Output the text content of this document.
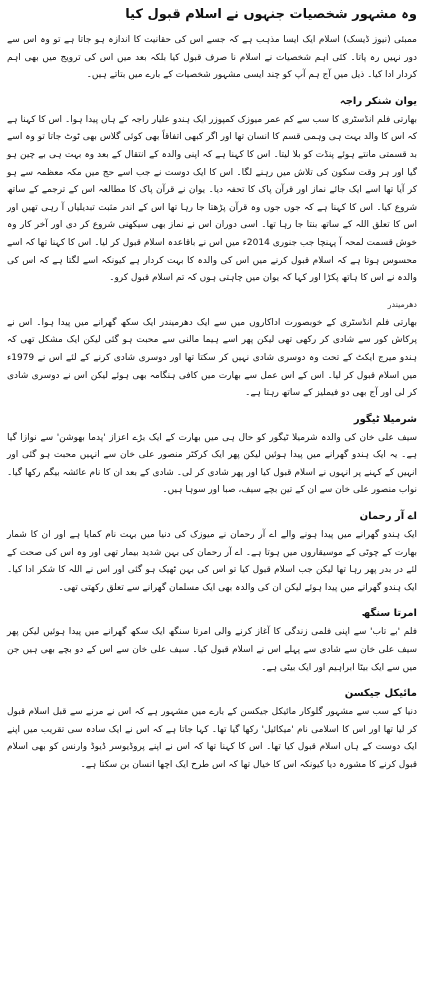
وہ مشہور شخصیات جنہوں نے اسلام قبول کیا

ممبئی (نیوز ڈیسک) اسلام ایک ایسا مذہب ہے کہ جسے اس کی حقانیت کا اندازہ ہو جاتا ہے تو وہ اس سے دور نہیں رہ پاتا۔ کئی اہم شخصیات نے اسلام نا صرف قبول کیا بلکہ بعد میں اس کی ترویج میں بھی اہم کردار ادا کیا۔ ذیل میں آج ہم آپ کو چند ایسی مشہور شخصیات کے بارے میں بتاتے ہیں۔

یوان شنکر راجہ

بھارتی فلم انڈسٹری کا سب سے کم عمر میوزک کمپوزر ایک ہندو علیار راجہ کے ہاں پیدا ہوا۔ اس کا کہنا ہے کہ اس کا والد بہت ہی وہمی قسم کا انسان تھا اور اگر کبھی اتفاقاً بھی کوئی گلاس بھی ٹوٹ جاتا تو وہ اسے بد قسمتی مانتے ہوئے پنڈت کو بلا لیتا۔ اس کا کہنا ہے کہ اپنی والدہ کے انتقال کے بعد وہ بہت ہی بے چین ہو گیا اور ہر وقت سکون کی تلاش میں رہنے لگا۔ اس کا ایک دوست نے جب اسے حج میں مکہ معظمہ سے ہو کر آیا تھا اسے ایک جائے نماز اور قرآن پاک کا تحفہ دیا۔ یوان نے قرآن پاک کا مطالعہ اس کے ترجمے کے ساتھ شروع کیا۔ اس کا کہنا ہے کہ جوں جوں وہ قرآن پڑھتا جا رہا تھا اس کے اندر مثبت تبدیلیاں آ رہی تھیں اور اس کا تعلق اللہ کے ساتھ بنتا جا رہا تھا۔ اسی دوران اس نے نماز بھی سیکھنی شروع کر دی اور آخر کار وہ خوش قسمت لمحہ آ پہنچا جب جنوری 2014ء میں اس نے باقاعدہ اسلام قبول کر لیا۔ اس کا کہنا تھا کہ اسے محسوس ہوتا ہے کہ اسلام قبول کرنے میں اس کی والدہ کا بہت کردار ہے کیونکہ اسے لگتا ہے کہ اس کی والدہ نے اس کا ہاتھ پکڑا اور کہا کہ یوان میں چاہتی ہوں کہ تم اسلام قبول کرو۔

دھرمیندر

بھارتی فلم انڈسٹری کے خوبصورت اداکاروں میں سے ایک دھرمیندر ایک سکھ گھرانے میں پیدا ہوا۔ اس نے پرکاش کور سے شادی کر رکھی تھی لیکن پھر اسے ہیما مالنی سے محبت ہو گئی لیکن ایک مشکل تھی کہ ہندو میرج ایکٹ کے تحت وہ دوسری شادی نہیں کر سکتا تھا اور دوسری شادی کرنے کے لئے اس نے 1979ء میں اسلام قبول کر لیا۔ اس کے اس عمل سے بھارت میں کافی ہنگامہ بھی ہوئے لیکن اس نے دوسری شادی کر لی اور آج بھی دو فیملیز کے ساتھ رہتا ہے۔

شرمیلا ٹیگور

سیف علی خان کی والدہ شرمیلا ٹیگور کو حال ہی میں بھارت کے ایک بڑے اعزاز 'پدما بھوشن' سے نوازا گیا ہے۔ یہ ایک ہندو گھرانے میں پیدا ہوئیں لیکن پھر ایک کرکٹر منصور علی خان سے انہیں محبت ہو گئی اور انہیں کے کہنے پر انہوں نے اسلام قبول کیا اور پھر شادی کر لی۔ شادی کے بعد ان کا نام عائشہ بیگم رکھا گیا۔ نواب منصور علی خان سے ان کے تین بچے سیف، صبا اور سوہا ہیں۔

اے آر رحمان

ایک ہندو گھرانے میں پیدا ہونے والے اے آر رحمان نے میوزک کی دنیا میں بہت نام کمایا ہے اور ان کا شمار بھارت کے چوٹی کے موسیقاروں میں ہوتا ہے۔ اے آر رحمان کی بہن شدید بیمار تھی اور وہ اس کی صحت کے لئے در بدر پھر رہا تھا لیکن جب اسلام قبول کیا تو اس کی بہن ٹھیک ہو گئی اور اس نے اللہ کا شکر ادا کیا۔ ایک ہندو گھرانے میں پیدا ہوئے لیکن ان کی والدہ بھی ایک مسلمان گھرانے سے تعلق رکھتی تھی۔

امرتا سنگھ

فلم 'بے تاب' سے اپنی فلمی زندگی کا آغاز کرنے والی امرتا سنگھ ایک سکھ گھرانے میں پیدا ہوئیں لیکن پھر سیف علی خان سے شادی سے پہلے اس نے اسلام قبول کیا۔ سیف علی خان سے اس کے دو بچے بھی ہیں جن میں سے ایک بیٹا ابراہیم اور ایک بیٹی ہے۔

مائیکل جیکسن

دنیا کے سب سے مشہور گلوکار مائیکل جیکسن کے بارے میں مشہور ہے کہ اس نے مرنے سے قبل اسلام قبول کر لیا تھا اور اس کا اسلامی نام 'میکائیل' رکھا گیا تھا۔ کہا جاتا ہے کہ اس نے ایک سادہ سی تقریب میں اپنے ایک دوست کے ہاں اسلام قبول کیا تھا۔ اس کا کہنا تھا کہ اس نے اپنے پروڈیوسر ڈیوڈ وارنس کو بھی اسلام قبول کرنے کا مشورہ دیا کیونکہ اس کا خیال تھا کہ اس طرح ایک اچھا انسان بن سکتا ہے۔
